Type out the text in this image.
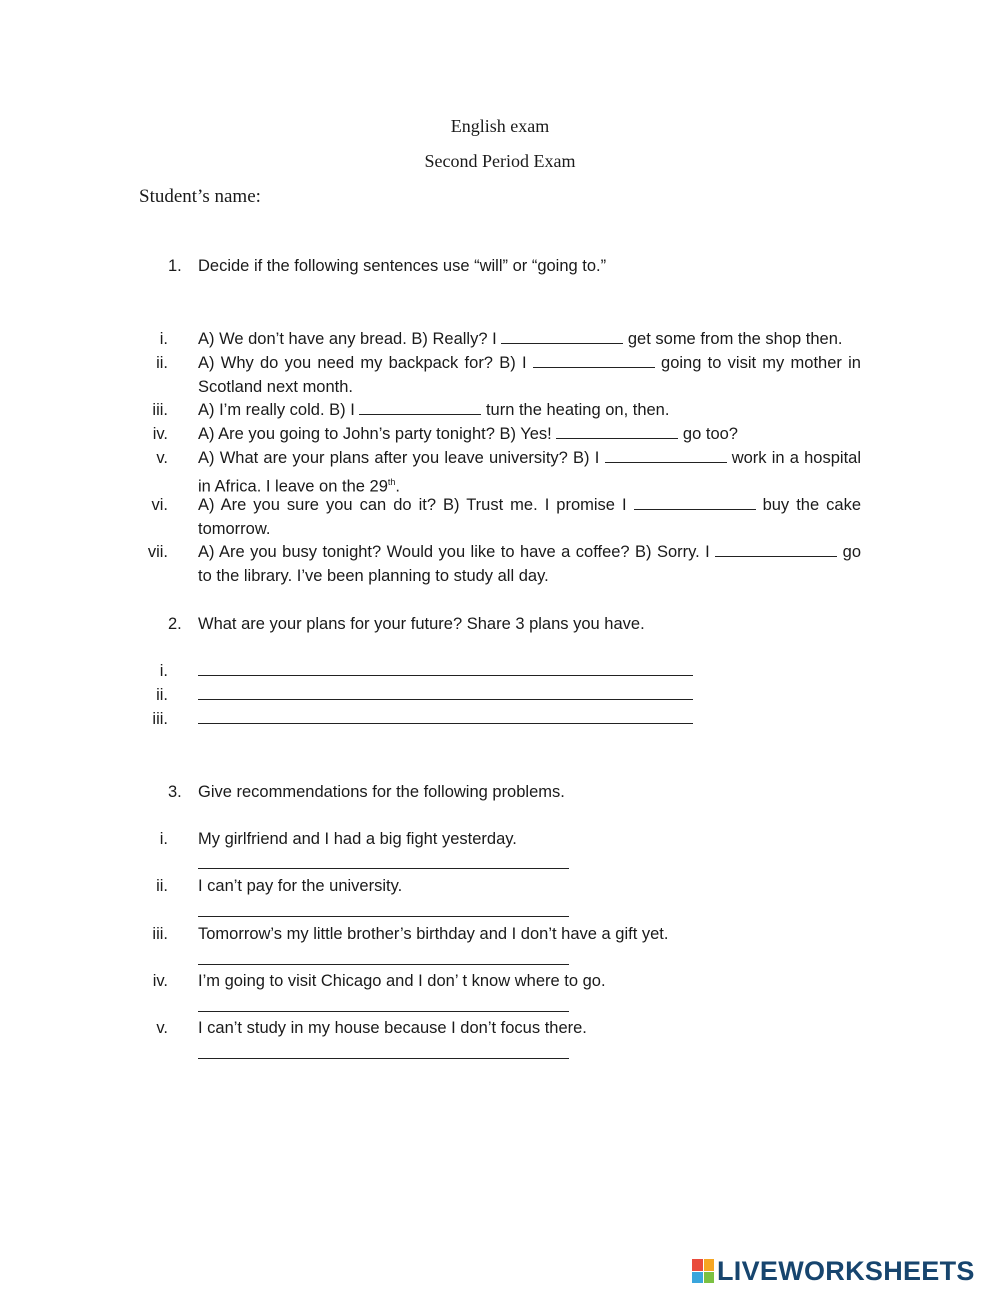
English exam
Second Period Exam
Student’s name:
1. Decide if the following sentences use “will” or “going to.”
i. A) We don’t have any bread. B) Really? I	get some from the shop then.
ii. A) Why do you need my backpack for? B) I	going to visit my mother in Scotland next month.
iii. A) I’m really cold. B) I	turn the heating on, then.
iv. A) Are you going to John’s party tonight? B) Yes!	go too?
v. A) What are your plans after you leave university? B) I	work in a hospital in Africa. I leave on the 29th.
vi. A) Are you sure you can do it? B) Trust me. I promise I	buy the cake tomorrow.
vii. A) Are you busy tonight? Would you like to have a coffee? B) Sorry. I	go to the library. I’ve been planning to study all day.
2. What are your plans for your future? Share 3 plans you have.
i.
ii.
iii.
3. Give recommendations for the following problems.
i. My girlfriend and I had a big fight yesterday.
ii. I can’t pay for the university.
iii. Tomorrow’s my little brother’s birthday and I don’t have a gift yet.
iv. I’m going to visit Chicago and I don’ t know where to go.
v. I can’t study in my house because I don’t focus there.
LIVEWORKSHEETS
